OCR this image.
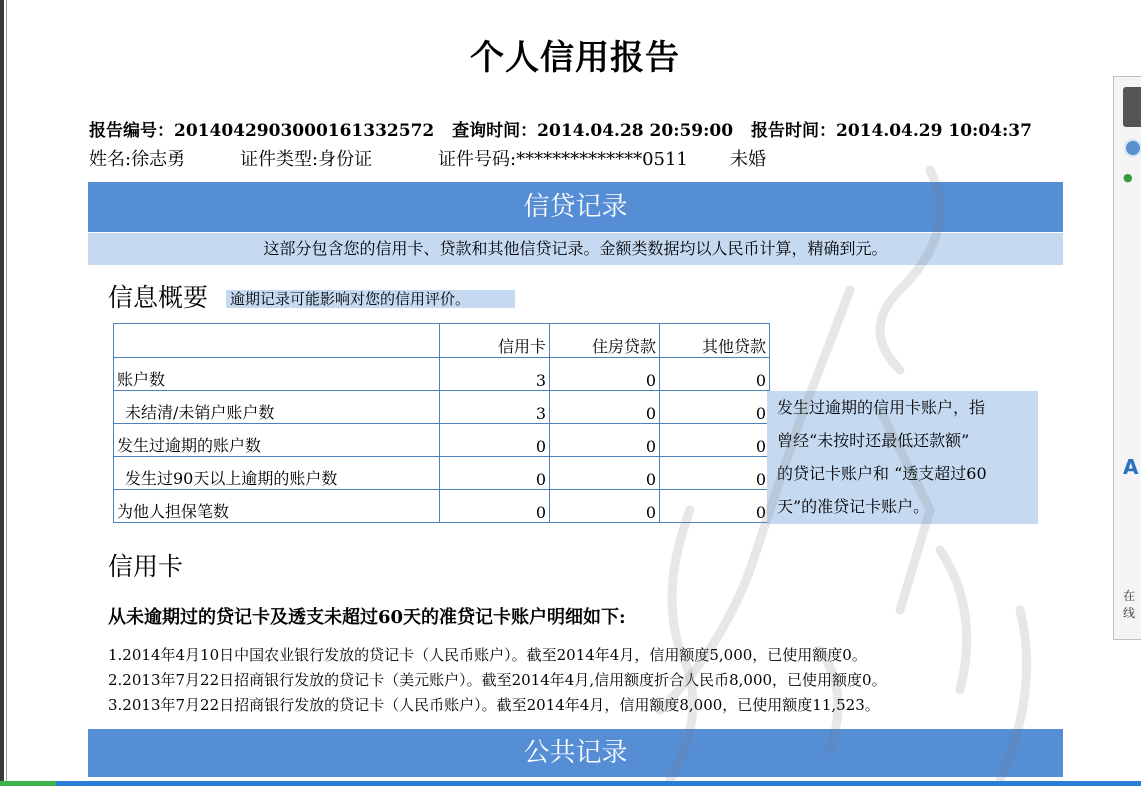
个人信用报告
报告编号：2014042903000161332572 查询时间：2014.04.28 20:59:00 报告时间：2014.04.29 10:04:37
姓名:徐志勇	证件类型:身份证	证件号码:**************0511 未婚
信贷记录
这部分包含您的信用卡、贷款和其他信贷记录。金额类数据均以人民币计算，精确到元。
信息概要 逾期记录可能影响对您的信用评价。
	信用卡	住房贷款	其他贷款
账户数	3	0	0
未结清/未销户账户数	3	0	0
发生过逾期的账户数	0	0	0
发生过90天以上逾期的账户数	0	0	0
为他人担保笔数	0	0	0
发生过逾期的信用卡账户，指
曾经“未按时还最低还款额”
的贷记卡账户和 “透支超过60
天”的准贷记卡账户。
信用卡
从未逾期过的贷记卡及透支未超过60天的准贷记卡账户明细如下:
1.2014年4月10日中国农业银行发放的贷记卡（人民币账户）。截至2014年4月，信用额度5,000，已使用额度0。
2.2013年7月22日招商银行发放的贷记卡（美元账户）。截至2014年4月,信用额度折合人民币8,000，已使用额度0。
3.2013年7月22日招商银行发放的贷记卡（人民币账户）。截至2014年4月，信用额度8,000，已使用额度11,523。
公共记录
●
A
在线
